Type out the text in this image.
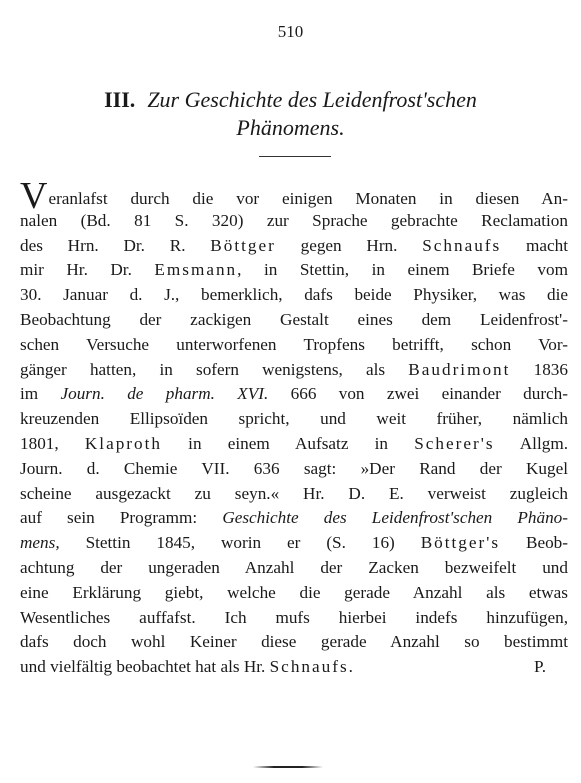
510
III. Zur Geschichte des Leidenfrost'schen
Phänomens.
Veranlafst durch die vor einigen Monaten in diesen An-
nalen (Bd. 81 S. 320) zur Sprache gebrachte Reclamation
des Hrn. Dr. R. Böttger gegen Hrn. Schnaufs macht
mir Hr. Dr. Emsmann, in Stettin, in einem Briefe vom
30. Januar d. J., bemerklich, dafs beide Physiker, was die
Beobachtung der zackigen Gestalt eines dem Leidenfrost'-
schen Versuche unterworfenen Tropfens betrifft, schon Vor-
gänger hatten, in sofern wenigstens, als Baudrimont 1836
im Journ. de pharm. XVI. 666 von zwei einander durch-
kreuzenden Ellipsoïden spricht, und weit früher, nämlich
1801, Klaproth in einem Aufsatz in Scherer's Allgm.
Journ. d. Chemie VII. 636 sagt: »Der Rand der Kugel
scheine ausgezackt zu seyn.« Hr. D. E. verweist zugleich
auf sein Programm: Geschichte des Leidenfrost'schen Phäno-
mens, Stettin 1845, worin er (S. 16) Böttger's Beob-
achtung der ungeraden Anzahl der Zacken bezweifelt und
eine Erklärung giebt, welche die gerade Anzahl als etwas
Wesentliches auffafst. Ich mufs hierbei indefs hinzufügen,
dafs doch wohl Keiner diese gerade Anzahl so bestimmt
und vielfältig beobachtet hat als Hr. Schnaufs.	P.
